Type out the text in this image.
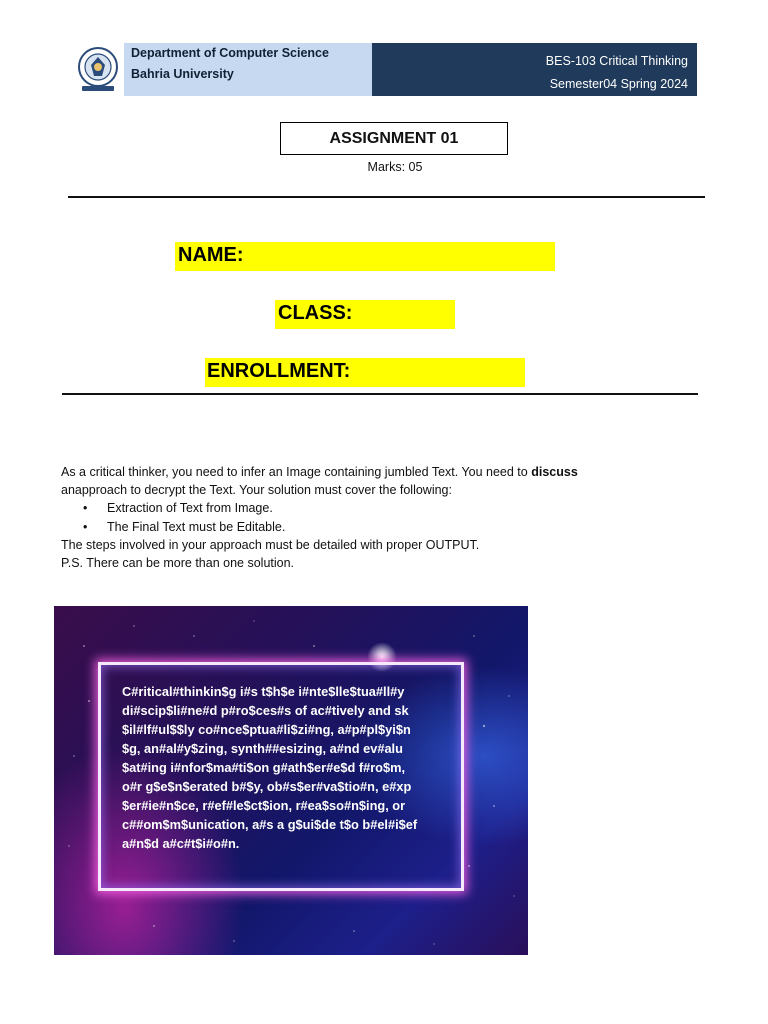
Department of Computer Science
Bahria University
BES-103 Critical Thinking
Semester04 Spring 2024
ASSIGNMENT 01
Marks: 05
NAME:
CLASS:
ENROLLMENT:

As a critical thinker, you need to infer an Image containing jumbled Text. You need to discuss

anapproach to decrypt the Text. Your solution must cover the following:

• Extraction of Text from Image.
• The Final Text must be Editable.

The steps involved in your approach must be detailed with proper OUTPUT.

P.S. There can be more than one solution.

C#ritical#thinkin$g i#s t$h$e i#nte$lle$tua#ll#y
di#scip$li#ne#d p#ro$ces#s of ac#tively and sk
$il#lf#ul$$ly co#nce$ptua#li$zi#ng, a#p#pl$yi$n
$g, an#al#y$zing, synth##esizing, a#nd ev#alu
$at#ing i#nfor$ma#ti$on g#ath$er#e$d f#ro$m,
o#r g$e$n$erated b#$y, ob#s$er#va$tio#n, e#xp
$er#ie#n$ce, r#ef#le$ct$ion, r#ea$so#n$ing, or
c##om$m$unication, a#s a g$ui$de t$o b#el#i$ef
a#n$d a#c#t$i#o#n.
